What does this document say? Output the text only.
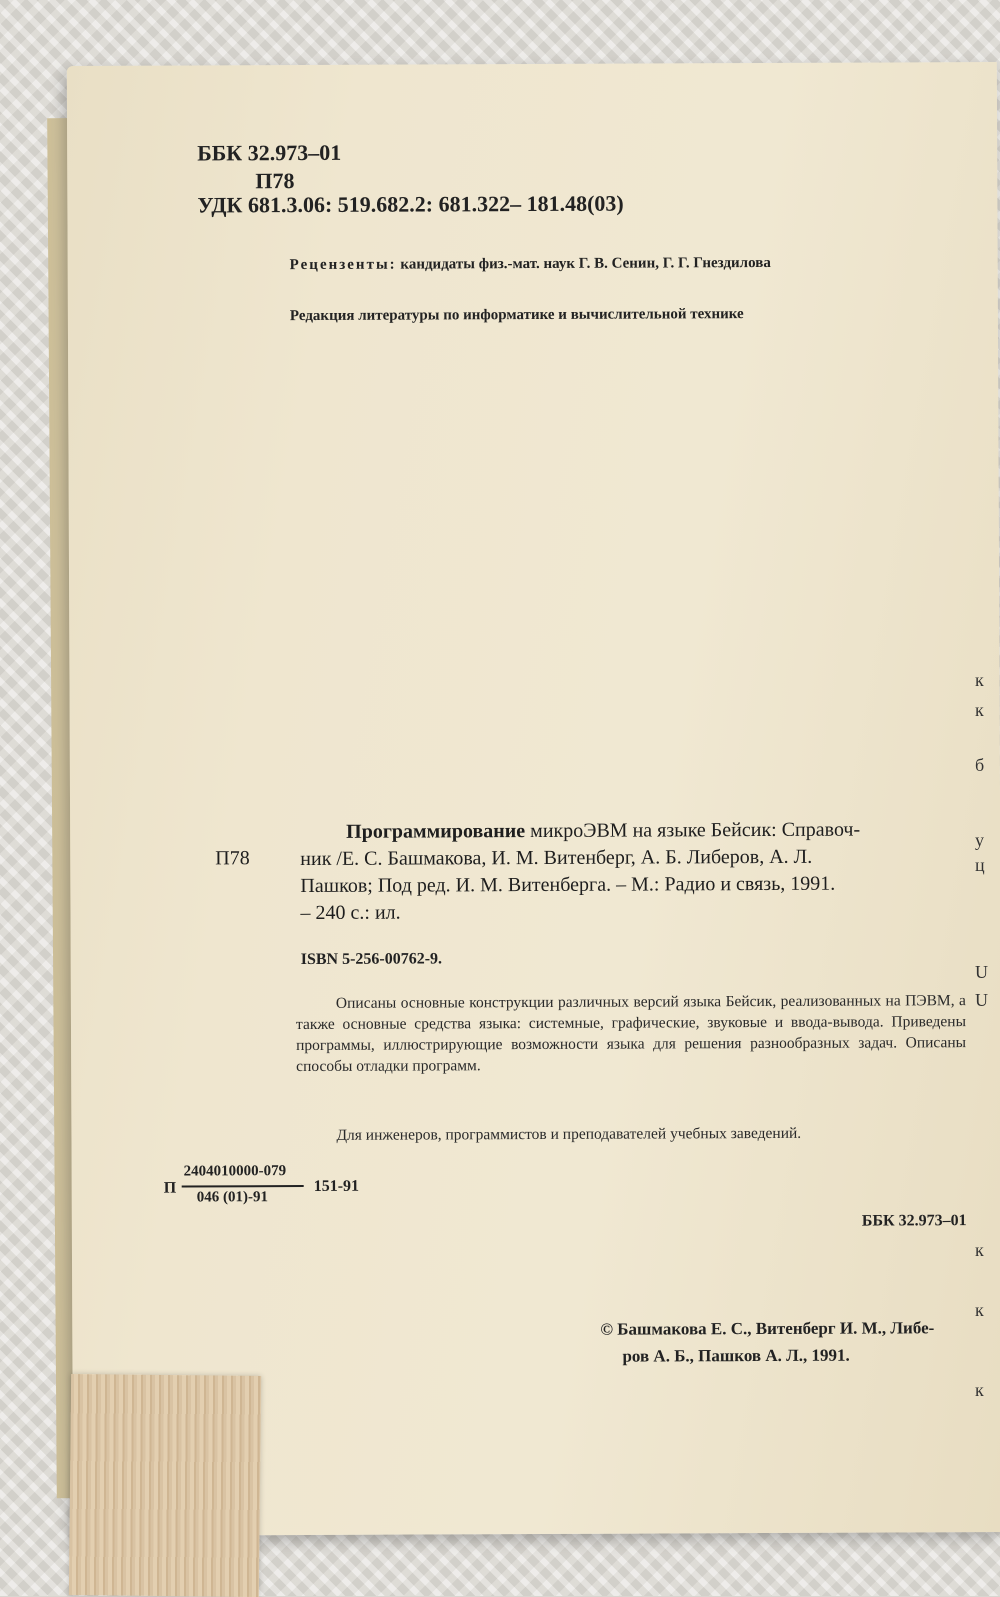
ББК 32.973–01
П78
УДК 681.3.06: 519.682.2: 681.322– 181.48(03)
Рецензенты: кандидаты физ.-мат. наук Г. В. Сенин, Г. Г. Гнездилова
Редакция литературы по информатике и вычислительной технике
П78
Программирование микроЭВМ на языке Бейсик: Справоч-
ник /Е. С. Башмакова, И. М. Витенберг, А. Б. Либеров, А. Л.
Пашков; Под ред. И. М. Витенберга. – М.: Радио и связь, 1991.
– 240 с.: ил.
ISBN 5-256-00762-9.
Описаны основные конструкции различных версий языка Бейсик, реализованных на ПЭВМ, а также основные средства языка: системные, графические, звуковые и ввода-вывода. Приведены программы, иллюстрирующие возможности языка для решения разнообразных задач. Описаны способы отладки программ.
Для инженеров, программистов и преподавателей учебных заведений.
П
2404010000-079
046 (01)-91
151-91
ББК 32.973–01
© Башмакова Е. С., Витенберг И. М., Либе-
ров А. Б., Пашков А. Л., 1991.
к
к
б
у
ц
U
U
к
к
к
